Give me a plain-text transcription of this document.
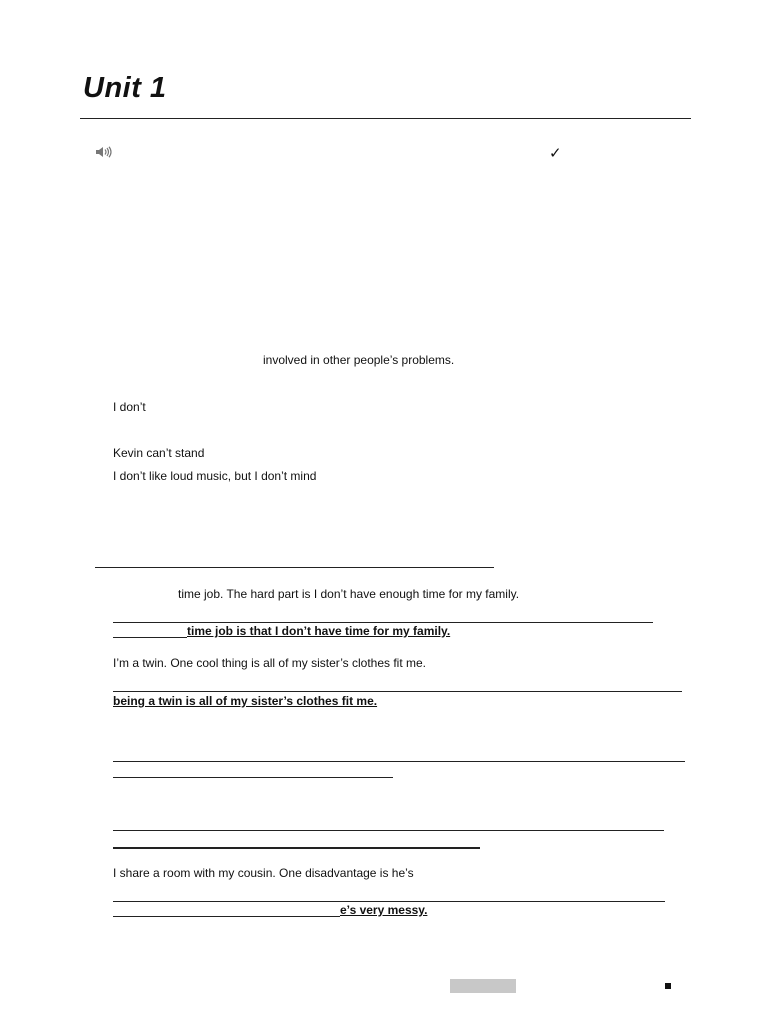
Unit 1
✓
involved in other people’s problems.
I don’t
Kevin can’t stand
I don’t like loud music, but I don’t mind
time job. The hard part is I don’t have enough time for my family.
time job is that I don’t have time for my family.
I’m a twin. One cool thing is all of my sister’s clothes fit me.
being a twin is all of my sister’s clothes fit me.
I share a room with my cousin. One disadvantage is he’s
e’s very messy.
